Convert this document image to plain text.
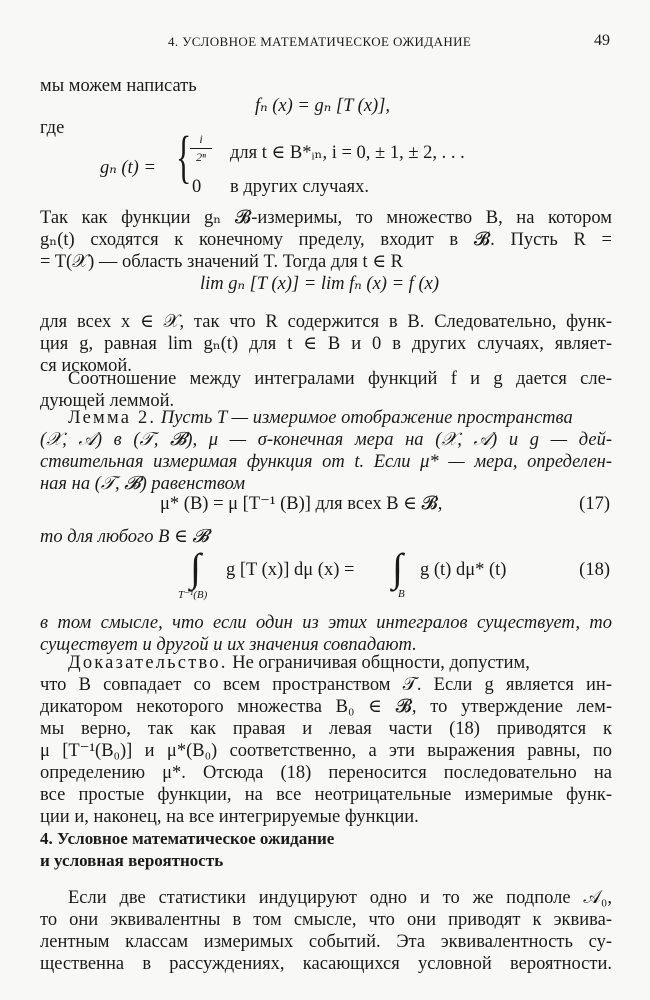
4. УСЛОВНОЕ МАТЕМАТИЧЕСКОЕ ОЖИДАНИЕ	49
мы можем написать
fₙ (x) = gₙ [T (x)],
где
gₙ (t) = { i
2ⁿ	для t ∈ B*ᵢₙ, i = 0, ± 1, ± 2, . . .
0 в других случаях.
Так как функции gₙ 𝓑-измеримы, то множество B, на котором
gₙ(t) сходятся к конечному пределу, входит в 𝓑. Пусть R =
= T(𝒳) — область значений T. Тогда для t ∈ R
lim gₙ [T (x)] = lim fₙ (x) = f (x)
для всех x ∈ 𝒳, так что R содержится в B. Следовательно, функ-
ция g, равная lim gₙ(t) для t ∈ B и 0 в других случаях, являет-
ся искомой.
Соотношение между интегралами функций f и g дается сле-
дующей леммой.
Лемма 2. Пусть T — измеримое отображение пространства
(𝒳, 𝒜) в (𝒯, 𝓑), μ — σ-конечная мера на (𝒳, 𝒜) и g — дей-
ствительная измеримая функция от t. Если μ* — мера, определен-
ная на (𝒯, 𝓑) равенством
μ* (B) = μ [T⁻¹ (B)] для всех B ∈ 𝓑,	(17)
то для любого B ∈ 𝓑
∫
T⁻¹(B)
g [T (x)] dμ (x) = ∫
B
g (t) dμ* (t)	(18)
в том смысле, что если один из этих интегралов существует, то
существует и другой и их значения совпадают.
Доказательство. Не ограничивая общности, допустим,
что B совпадает со всем пространством 𝒯. Если g является ин-
дикатором некоторого множества B₀ ∈ 𝓑, то утверждение лем-
мы верно, так как правая и левая части (18) приводятся к
μ [T⁻¹(B₀)] и μ*(B₀) соответственно, а эти выражения равны, по
определению μ*. Отсюда (18) переносится последовательно на
все простые функции, на все неотрицательные измеримые функ-
ции и, наконец, на все интегрируемые функции.
4. Условное математическое ожидание
и условная вероятность
Если две статистики индуцируют одно и то же подполе 𝒜₀,
то они эквивалентны в том смысле, что они приводят к эквива-
лентным классам измеримых событий. Эта эквивалентность су-
щественна в рассуждениях, касающихся условной вероятности.
